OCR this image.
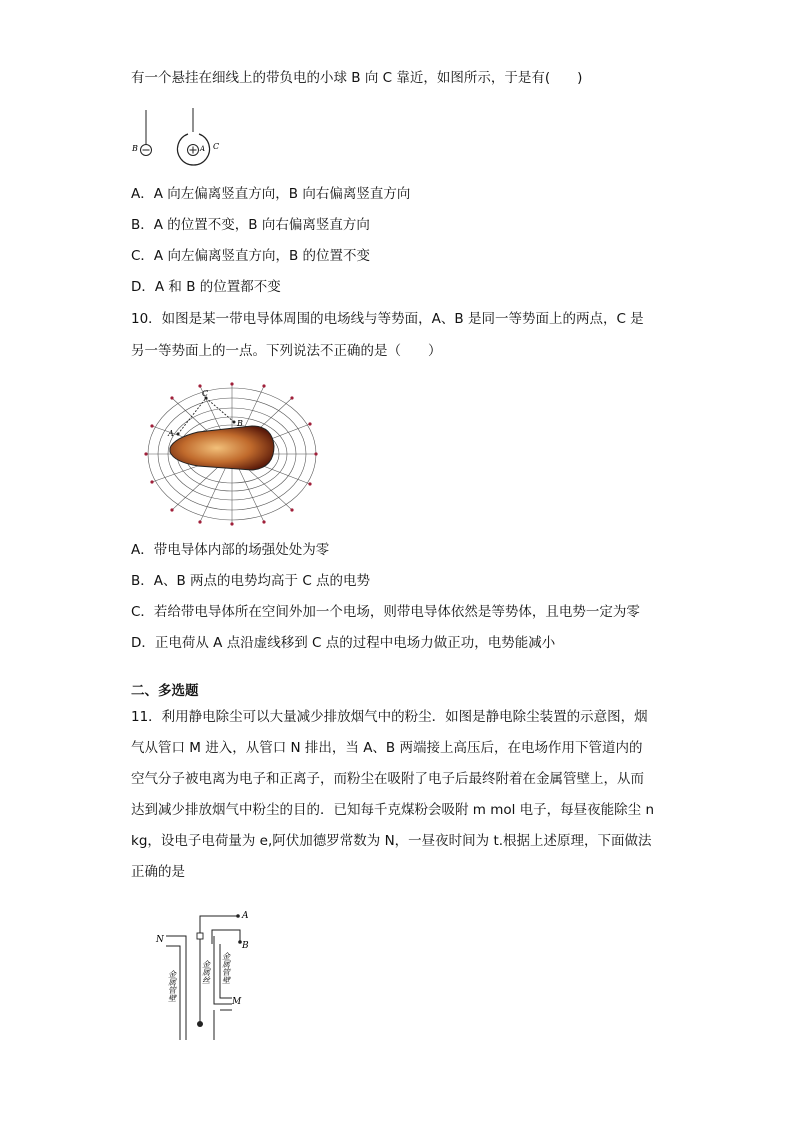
有一个悬挂在细线上的带负电的小球 B 向 C 靠近，如图所示，于是有(　　)
B	A C
A．A 向左偏离竖直方向，B 向右偏离竖直方向
B．A 的位置不变，B 向右偏离竖直方向
C．A 向左偏离竖直方向，B 的位置不变
D．A 和 B 的位置都不变
10．如图是某一带电导体周围的电场线与等势面，A、B 是同一等势面上的两点，C 是
另一等势面上的一点。下列说法不正确的是（　　）
A
B
C
A．带电导体内部的场强处处为零
B．A、B 两点的电势均高于 C 点的电势
C．若给带电导体所在空间外加一个电场，则带电导体依然是等势体，且电势一定为零
D．正电荷从 A 点沿虚线移到 C 点的过程中电场力做正功，电势能减小
二、多选题
11．利用静电除尘可以大量减少排放烟气中的粉尘．如图是静电除尘装置的示意图，烟
气从管口 M 进入，从管口 N 排出，当 A、B 两端接上高压后，在电场作用下管道内的
空气分子被电离为电子和正离子，而粉尘在吸附了电子后最终附着在金属管壁上，从而
达到减少排放烟气中粉尘的目的．已知每千克煤粉会吸附 m mol 电子，每昼夜能除尘 n
kg，设电子电荷量为 e,阿伏加德罗常数为 N，一昼夜时间为 t.根据上述原理，下面做法
正确的是
A
B
N
M
金属管壁	金属丝 金属管壁
